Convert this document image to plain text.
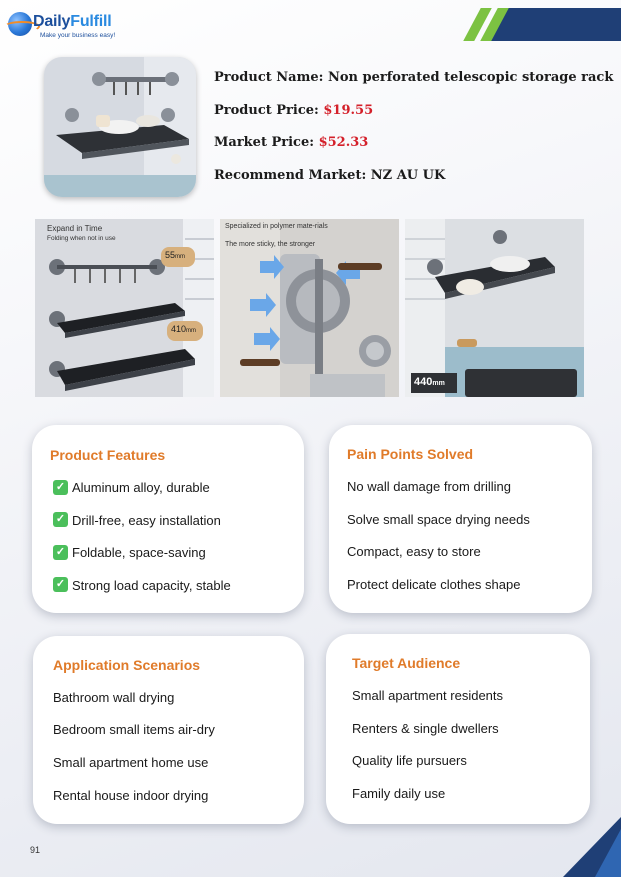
DailyFulfill
Make your business easy!
Product Name: Non perforated telescopic storage rack
Product Price: $19.55
Market Price: $52.33
Recommend Market: NZ AU UK
Expand in Time
Folding when not in use
55mm
410mm
Specialized in polymer mate-rials
The more sticky, the stronger
440mm
Product Features
✓ Aluminum alloy, durable
✓ Drill-free, easy installation
✓ Foldable, space-saving
✓ Strong load capacity, stable
Pain Points Solved
No wall damage from drilling
Solve small space drying needs
Compact, easy to store
Protect delicate clothes shape
Application Scenarios
Bathroom wall drying
Bedroom small items air-dry
Small apartment home use
Rental house indoor drying
Target Audience
Small apartment residents
Renters & single dwellers
Quality life pursuers
Family daily use
91
